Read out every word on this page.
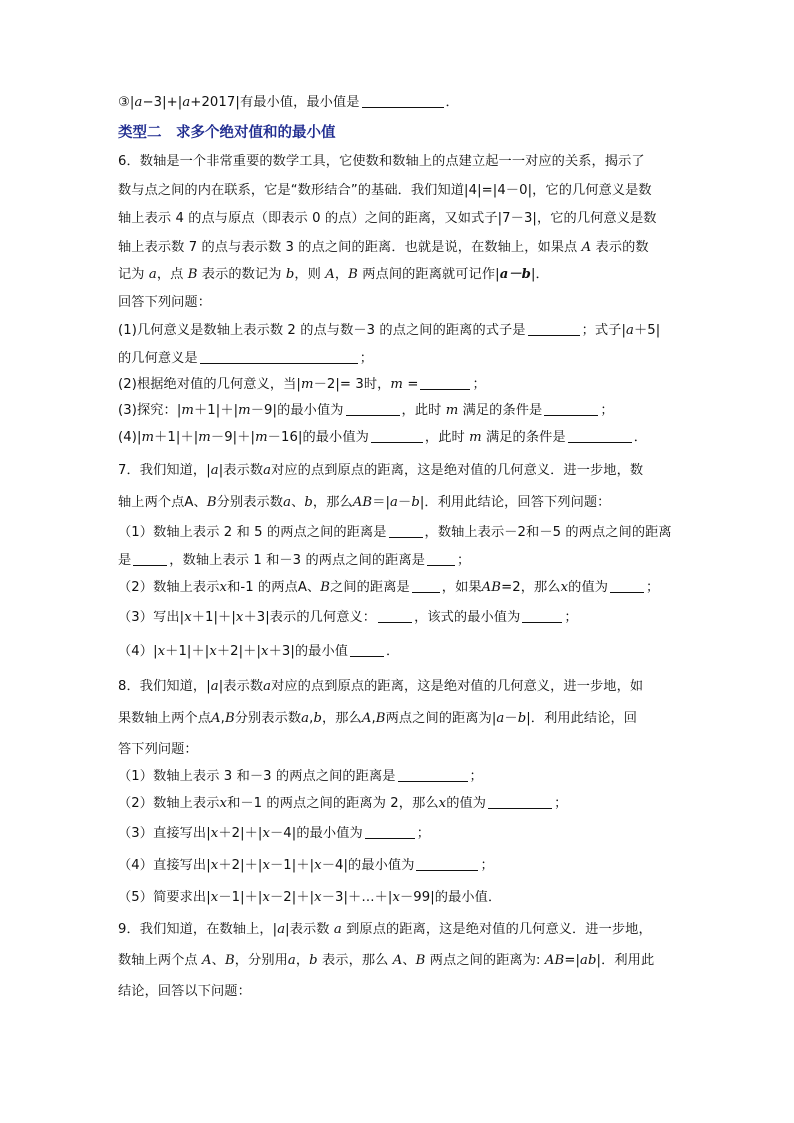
③|a−3|+|a+2017|有最小值，最小值是	．
类型二　求多个绝对值和的最小值
6．数轴是一个非常重要的数学工具，它使数和数轴上的点建立起一一对应的关系，揭示了
数与点之间的内在联系，它是“数形结合”的基础．我们知道|4|=|4－0|，它的几何意义是数
轴上表示 4 的点与原点（即表示 0 的点）之间的距离，又如式子|7－3|，它的几何意义是数
轴上表示数 7 的点与表示数 3 的点之间的距离．也就是说，在数轴上，如果点 A 表示的数
记为 a，点 B 表示的数记为 b，则 A，B 两点间的距离就可记作|a－b|．
回答下列问题：
(1)几何意义是数轴上表示数 2 的点与数－3 的点之间的距离的式子是	；式子|a＋5|
的几何意义是	；
(2)根据绝对值的几何意义，当|m－2|= 3时，m =	；
(3)探究：|m＋1|＋|m－9|的最小值为	，此时 m 满足的条件是	；
(4)|m＋1|＋|m－9|＋|m－16|的最小值为	，此时 m 满足的条件是	．
7．我们知道，|a|表示数a对应的点到原点的距离，这是绝对值的几何意义．进一步地，数
轴上两个点A、B分别表示数a、b，那么AB＝|a－b|．利用此结论，回答下列问题：
（1）数轴上表示 2 和 5 的两点之间的距离是	，数轴上表示－2和－5 的两点之间的距离
是	，数轴上表示 1 和－3 的两点之间的距离是 ；
（2）数轴上表示x和-1 的两点A、B之间的距离是 ，如果AB=2，那么x的值为	；
（3）写出|x＋1|＋|x＋3|表示的几何意义：	，该式的最小值为	；
（4）|x＋1|＋|x＋2|＋|x＋3|的最小值	．
8．我们知道，|a|表示数a对应的点到原点的距离，这是绝对值的几何意义，进一步地，如
果数轴上两个点A,B分别表示数a,b，那么A,B两点之间的距离为|a－b|．利用此结论，回
答下列问题：
（1）数轴上表示 3 和－3 的两点之间的距离是	；
（2）数轴上表示x和－1 的两点之间的距离为 2，那么x的值为	；
（3）直接写出|x＋2|＋|x－4|的最小值为	；
（4）直接写出|x＋2|＋|x－1|＋|x－4|的最小值为	；
（5）简要求出|x－1|＋|x－2|＋|x－3|＋…＋|x－99|的最小值．
9．我们知道，在数轴上，|a|表示数 a 到原点的距离，这是绝对值的几何意义．进一步地，
数轴上两个点 A、B，分别用a，b 表示，那么 A、B 两点之间的距离为: AB=|ab|．利用此
结论，回答以下问题：
